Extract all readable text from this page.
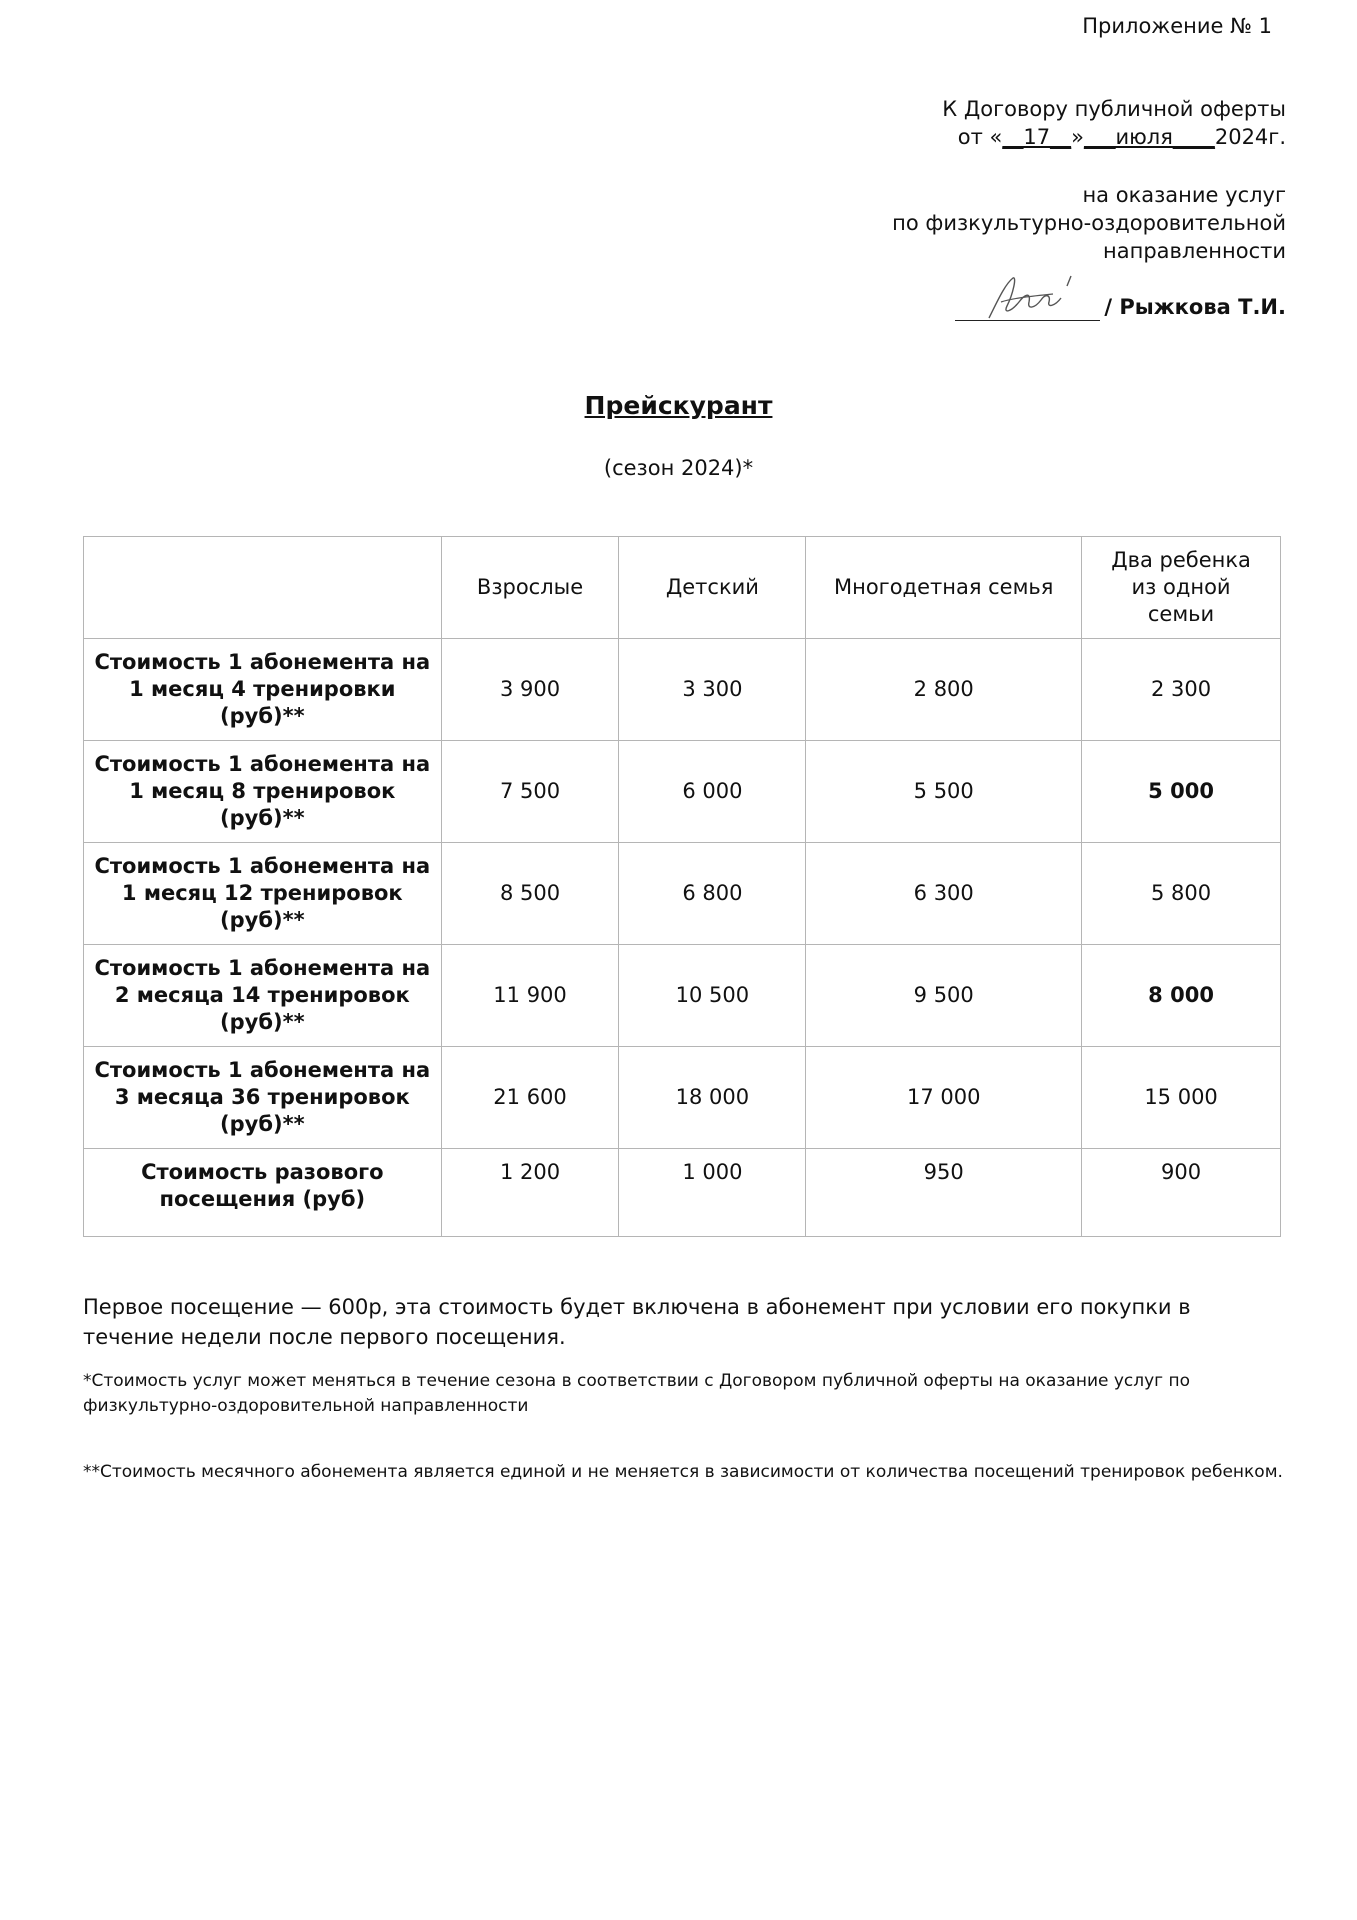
Приложение № 1
К Договору публичной оферты
от «__17__»___июля____2024г.
на оказание услуг
по физкультурно-оздоровительной
направленности
/ Рыжкова Т.И.
Прейскурант
(сезон 2024)*
	Взрослые	Детский	Многодетная семья	Два ребенка из одной семьи
Стоимость 1 абонемента на 1 месяц 4 тренировки (руб)**	3 900	3 300	2 800	2 300
Стоимость 1 абонемента на 1 месяц 8 тренировок (руб)**	7 500	6 000	5 500	5 000
Стоимость 1 абонемента на 1 месяц 12 тренировок (руб)**	8 500	6 800	6 300	5 800
Стоимость 1 абонемента на 2 месяца 14 тренировок (руб)**	11 900	10 500	9 500	8 000
Стоимость 1 абонемента на 3 месяца 36 тренировок (руб)**	21 600	18 000	17 000	15 000
Стоимость разового посещения (руб)	1 200	1 000	950	900
Первое посещение — 600р, эта стоимость будет включена в абонемент при условии его покупки в течение недели после первого посещения.
*Стоимость услуг может меняться в течение сезона в соответствии с Договором публичной оферты на оказание услуг по физкультурно-оздоровительной направленности
**Стоимость месячного абонемента является единой и не меняется в зависимости от количества посещений тренировок ребенком.
